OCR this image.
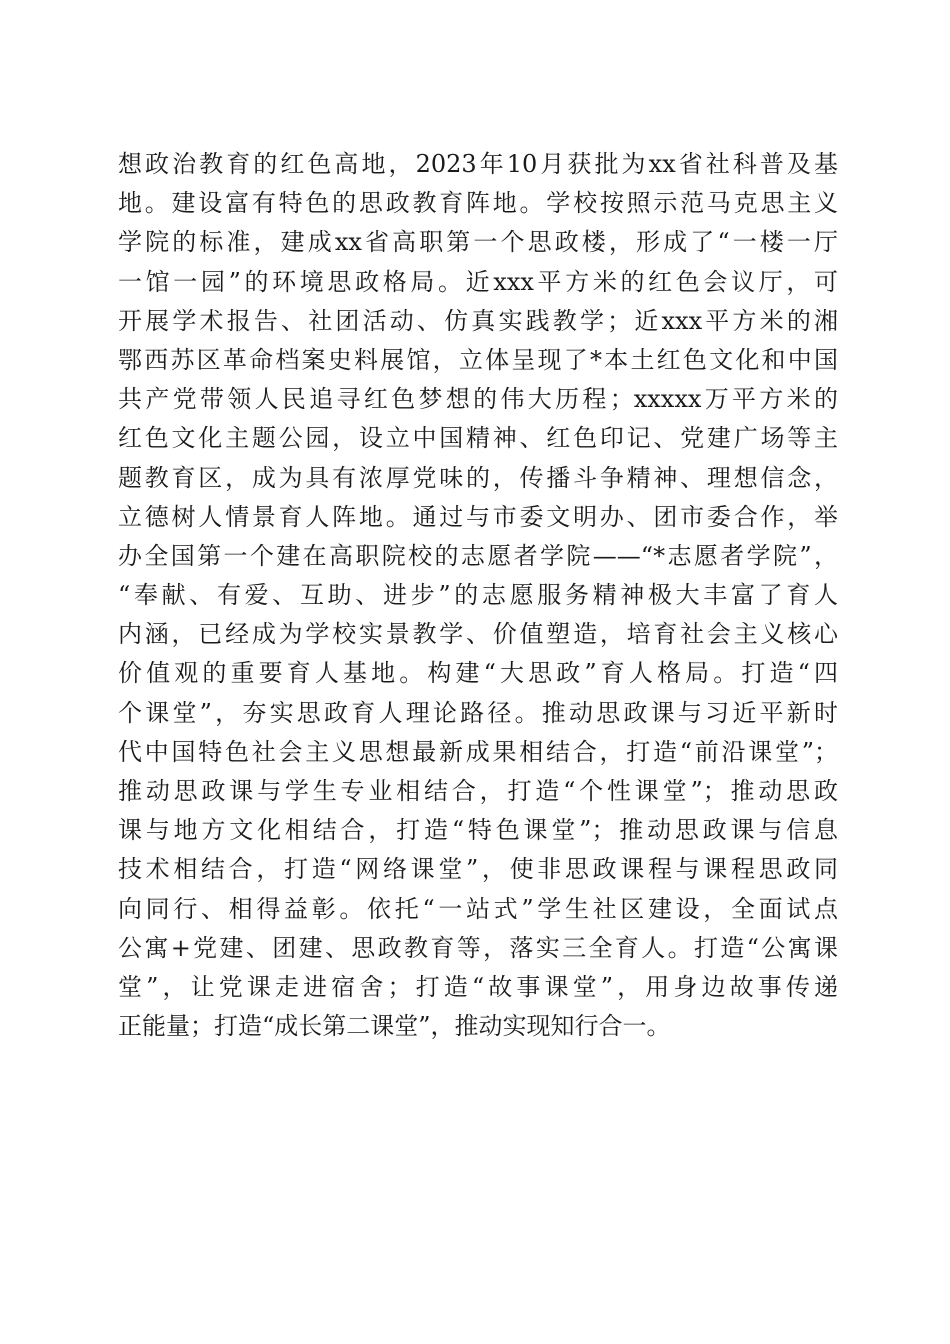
想政治教育的红色高地，2023年10月获批为xx省社科普及基
地。建设富有特色的思政教育阵地。学校按照示范马克思主义
学院的标准，建成xx省高职第一个思政楼，形成了“一楼一厅
一馆一园”的环境思政格局。近xxx平方米的红色会议厅，可
开展学术报告、社团活动、仿真实践教学；近xxx平方米的湘
鄂西苏区革命档案史料展馆，立体呈现了*本土红色文化和中国
共产党带领人民追寻红色梦想的伟大历程；xxxxx万平方米的
红色文化主题公园，设立中国精神、红色印记、党建广场等主
题教育区，成为具有浓厚党味的，传播斗争精神、理想信念，
立德树人情景育人阵地。通过与市委文明办、团市委合作，举
办全国第一个建在高职院校的志愿者学院——“*志愿者学院”，
“奉献、有爱、互助、进步”的志愿服务精神极大丰富了育人
内涵，已经成为学校实景教学、价值塑造，培育社会主义核心
价值观的重要育人基地。构建“大思政”育人格局。打造“四
个课堂”，夯实思政育人理论路径。推动思政课与习近平新时
代中国特色社会主义思想最新成果相结合，打造“前沿课堂”；
推动思政课与学生专业相结合，打造“个性课堂”；推动思政
课与地方文化相结合，打造“特色课堂”；推动思政课与信息
技术相结合，打造“网络课堂”，使非思政课程与课程思政同
向同行、相得益彰。依托“一站式”学生社区建设，全面试点
公寓+党建、团建、思政教育等，落实三全育人。打造“公寓课
堂”，让党课走进宿舍；打造“故事课堂”，用身边故事传递
正能量；打造“成长第二课堂”，推动实现知行合一。
